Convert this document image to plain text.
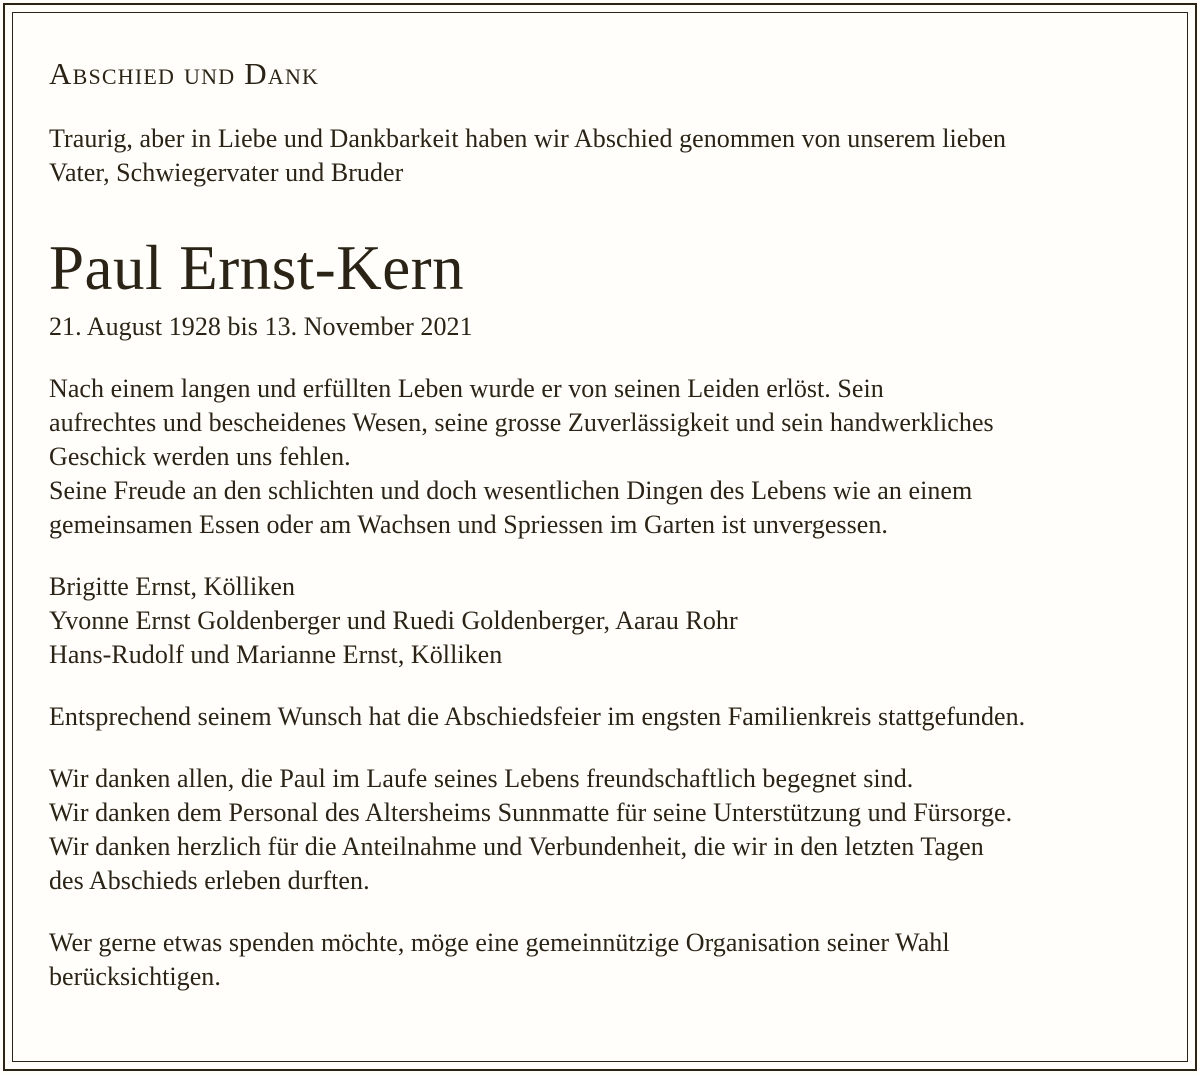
Abschied und Dank

Traurig, aber in Liebe und Dankbarkeit haben wir Abschied genommen von unserem lieben

Vater, Schwiegervater und Bruder

Paul Ernst-Kern

21. August 1928 bis 13. November 2021

Nach einem langen und erfüllten Leben wurde er von seinen Leiden erlöst. Sein

aufrechtes und bescheidenes Wesen, seine grosse Zuverlässigkeit und sein handwerkliches

Geschick werden uns fehlen.

Seine Freude an den schlichten und doch wesentlichen Dingen des Lebens wie an einem

gemeinsamen Essen oder am Wachsen und Spriessen im Garten ist unvergessen.

Brigitte Ernst, Kölliken

Yvonne Ernst Goldenberger und Ruedi Goldenberger, Aarau Rohr

Hans-Rudolf und Marianne Ernst, Kölliken

Entsprechend seinem Wunsch hat die Abschiedsfeier im engsten Familienkreis stattgefunden.

Wir danken allen, die Paul im Laufe seines Lebens freundschaftlich begegnet sind.

Wir danken dem Personal des Altersheims Sunnmatte für seine Unterstützung und Fürsorge.

Wir danken herzlich für die Anteilnahme und Verbundenheit, die wir in den letzten Tagen

des Abschieds erleben durften.

Wer gerne etwas spenden möchte, möge eine gemeinnützige Organisation seiner Wahl

berücksichtigen.
